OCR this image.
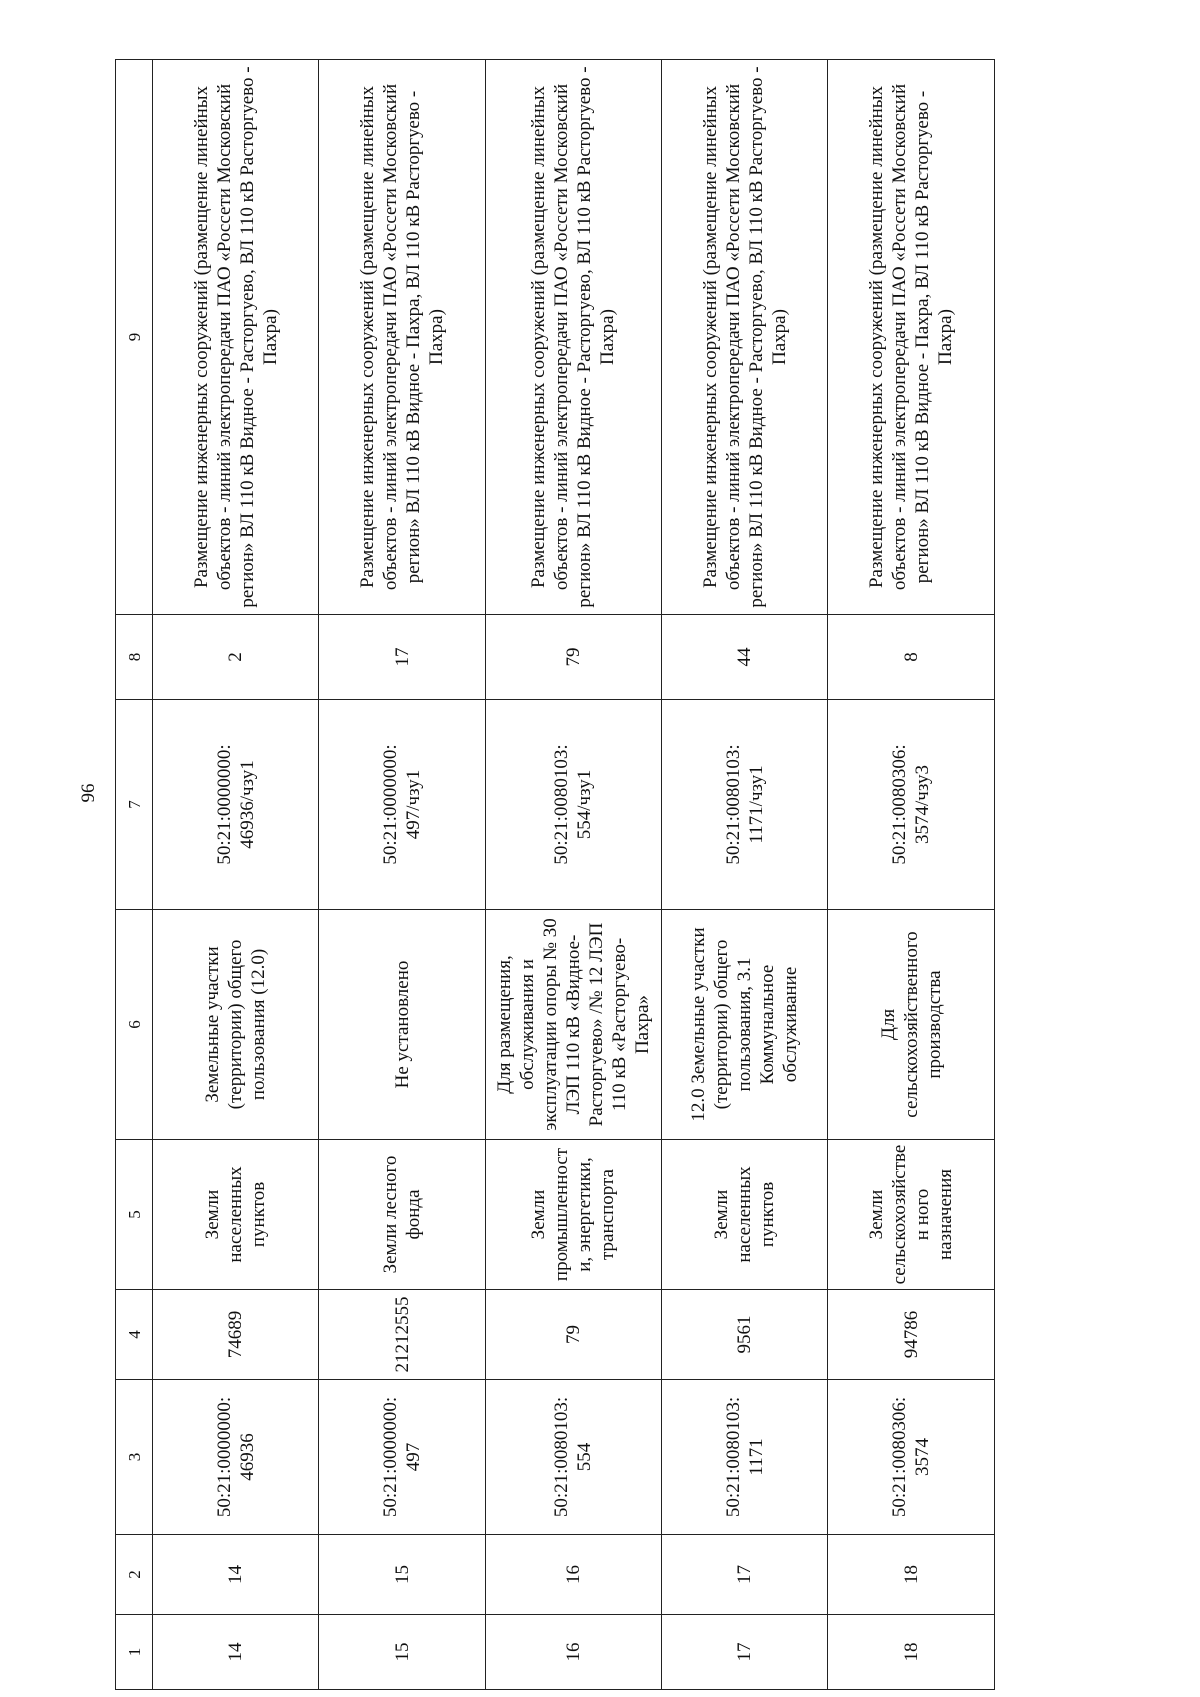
96
1	2	3	4	5	6	7	8	9
14	14	50:21:0000000: 46936	74689	Земли населенных пунктов	Земельные участки (территории) общего пользования (12.0)	50:21:0000000: 46936/чзу1	2	Размещение инженерных сооружений (размещение линейных объектов - линий электропередачи ПАО «Россети Московский регион» ВЛ 110 кВ Видное - Расторгуево, ВЛ 110 кВ Расторгуево - Пахра)
15	15	50:21:0000000: 497	21212555	Земли лесного фонда	Не установлено	50:21:0000000: 497/чзу1	17	Размещение инженерных сооружений (размещение линейных объектов - линий электропередачи ПАО «Россети Московский регион» ВЛ 110 кВ Видное - Пахра, ВЛ 110 кВ Расторгуево - Пахра)
16	16	50:21:0080103: 554	79	Земли промышленности, энергетики, транспорта	Для размещения, обслуживания и эксплуатации опоры № 30 ЛЭП 110 кВ «Видное-Расторгуево» /№ 12 ЛЭП 110 кВ «Расторгуево-Пахра»	50:21:0080103: 554/чзу1	79	Размещение инженерных сооружений (размещение линейных объектов - линий электропередачи ПАО «Россети Московский регион» ВЛ 110 кВ Видное - Расторгуево, ВЛ 110 кВ Расторгуево - Пахра)
17	17	50:21:0080103: 1171	9561	Земли населенных пунктов	12.0 Земельные участки (территории) общего пользования, 3.1 Коммунальное обслуживание	50:21:0080103: 1171/чзу1	44	Размещение инженерных сооружений (размещение линейных объектов - линий электропередачи ПАО «Россети Московский регион» ВЛ 110 кВ Видное - Расторгуево, ВЛ 110 кВ Расторгуево - Пахра)
18	18	50:21:0080306: 3574	94786	Земли сельскохозяйствен ного назначения	Для сельскохозяйственного производства	50:21:0080306: 3574/чзу3	8	Размещение инженерных сооружений (размещение линейных объектов - линий электропередачи ПАО «Россети Московский регион» ВЛ 110 кВ Видное - Пахра, ВЛ 110 кВ Расторгуево - Пахра)
